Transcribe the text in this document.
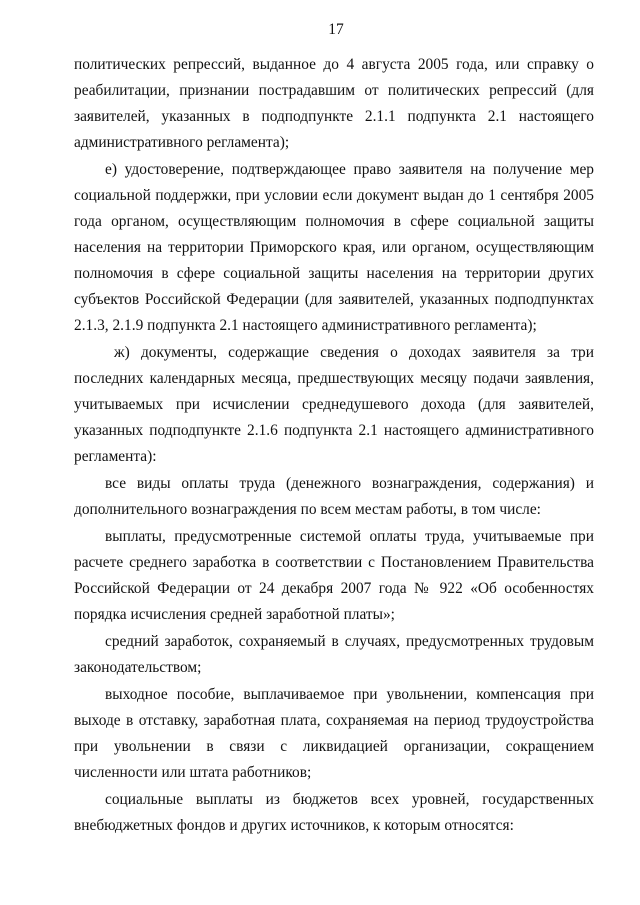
17

политических репрессий, выданное до 4 августа 2005 года, или справку о реабилитации, признании пострадавшим от политических репрессий (для заявителей, указанных в подподпункте 2.1.1 подпункта 2.1 настоящего административного регламента);

е) удостоверение, подтверждающее право заявителя на получение мер социальной поддержки, при условии если документ выдан до 1 сентября 2005 года органом, осуществляющим полномочия в сфере социальной защиты населения на территории Приморского края, или органом, осуществляющим полномочия в сфере социальной защиты населения на территории других субъектов Российской Федерации (для заявителей, указанных подподпунктах 2.1.3, 2.1.9 подпункта 2.1 настоящего административного регламента);

ж) документы, содержащие сведения о доходах заявителя за три последних календарных месяца, предшествующих месяцу подачи заявления, учитываемых при исчислении среднедушевого дохода (для заявителей, указанных подподпункте 2.1.6 подпункта 2.1 настоящего административного регламента):

все виды оплаты труда (денежного вознаграждения, содержания) и дополнительного вознаграждения по всем местам работы, в том числе:

выплаты, предусмотренные системой оплаты труда, учитываемые при расчете среднего заработка в соответствии с Постановлением Правительства Российской Федерации от 24 декабря 2007 года № 922 «Об особенностях порядка исчисления средней заработной платы»;

средний заработок, сохраняемый в случаях, предусмотренных трудовым законодательством;

выходное пособие, выплачиваемое при увольнении, компенсация при выходе в отставку, заработная плата, сохраняемая на период трудоустройства при увольнении в связи с ликвидацией организации, сокращением численности или штата работников;

социальные выплаты из бюджетов всех уровней, государственных внебюджетных фондов и других источников, к которым относятся:
